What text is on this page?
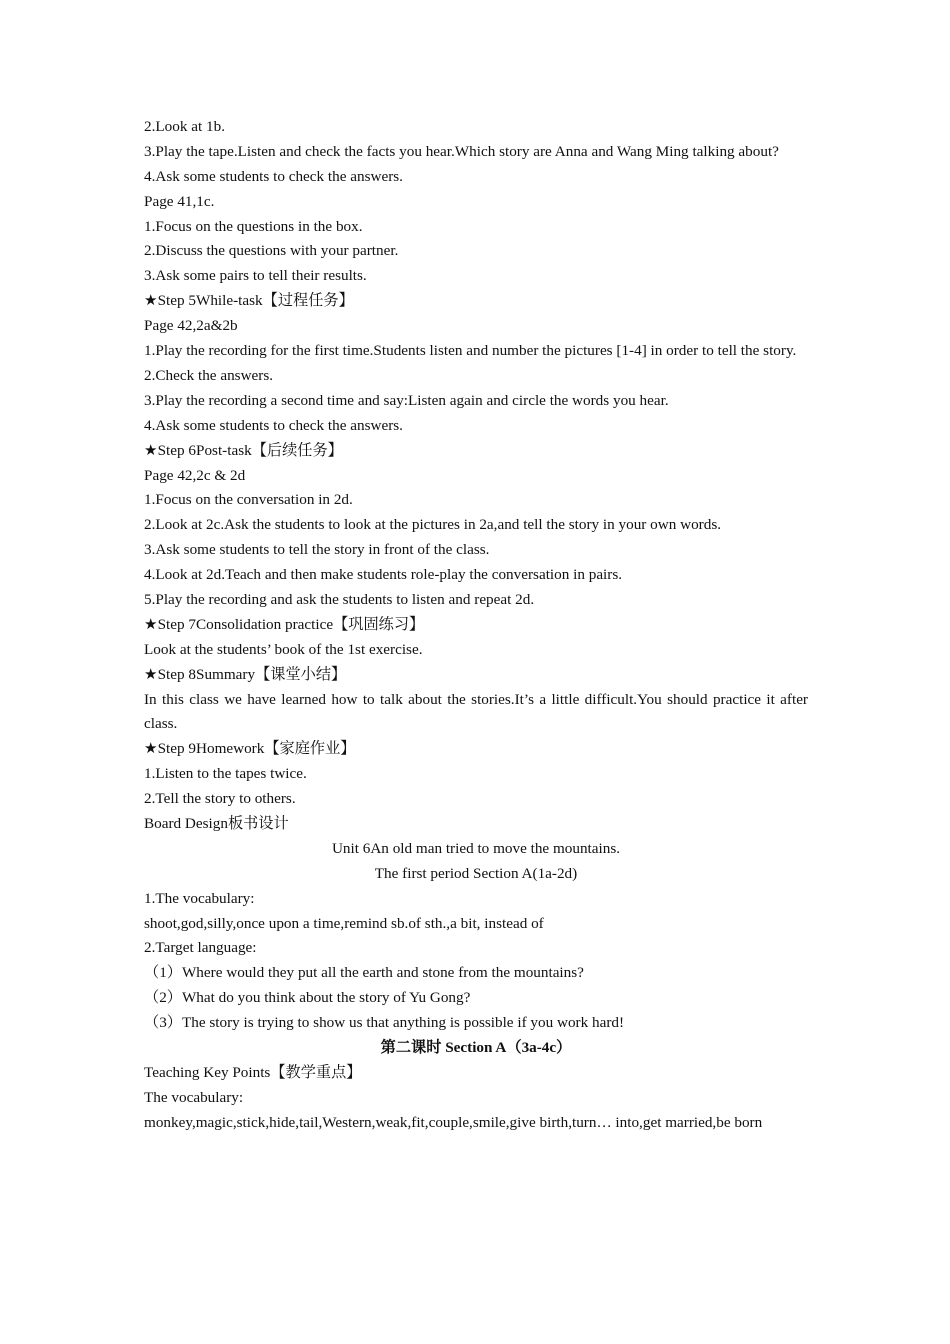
2.Look at 1b.
3.Play the tape.Listen and check the facts you hear.Which story are Anna and Wang Ming talking about?
4.Ask some students to check the answers.
Page 41,1c.
1.Focus on the questions in the box.
2.Discuss the questions with your partner.
3.Ask some pairs to tell their results.
★Step 5While-task【过程任务】
Page 42,2a&2b
1.Play the recording for the first time.Students listen and number the pictures [1-4] in order to tell the story.
2.Check the answers.
3.Play the recording a second time and say:Listen again and circle the words you hear.
4.Ask some students to check the answers.
★Step 6Post-task【后续任务】
Page 42,2c & 2d
1.Focus on the conversation in 2d.
2.Look at 2c.Ask the students to look at the pictures in 2a,and tell the story in your own words.
3.Ask some students to tell the story in front of the class.
4.Look at 2d.Teach and then make students role-play the conversation in pairs.
5.Play the recording and ask the students to listen and repeat 2d.
★Step 7Consolidation practice【巩固练习】
Look at the students’ book of the 1st exercise.
★Step 8Summary【课堂小结】
In this class we have learned how to talk about the stories.It’s a little difficult.You should practice it after class.
★Step 9Homework【家庭作业】
1.Listen to the tapes twice.
2.Tell the story to others.
Board Design板书设计
Unit 6An old man tried to move the mountains.
The first period Section A(1a-2d)
1.The vocabulary:
shoot,god,silly,once upon a time,remind sb.of sth.,a bit, instead of
2.Target language:
（1）Where would they put all the earth and stone from the mountains?
（2）What do you think about the story of Yu Gong?
（3）The story is trying to show us that anything is possible if you work hard!
第二课时 Section A（3a-4c）
Teaching Key Points【教学重点】
The vocabulary:
monkey,magic,stick,hide,tail,Western,weak,fit,couple,smile,give birth,turn… into,get married,be born
